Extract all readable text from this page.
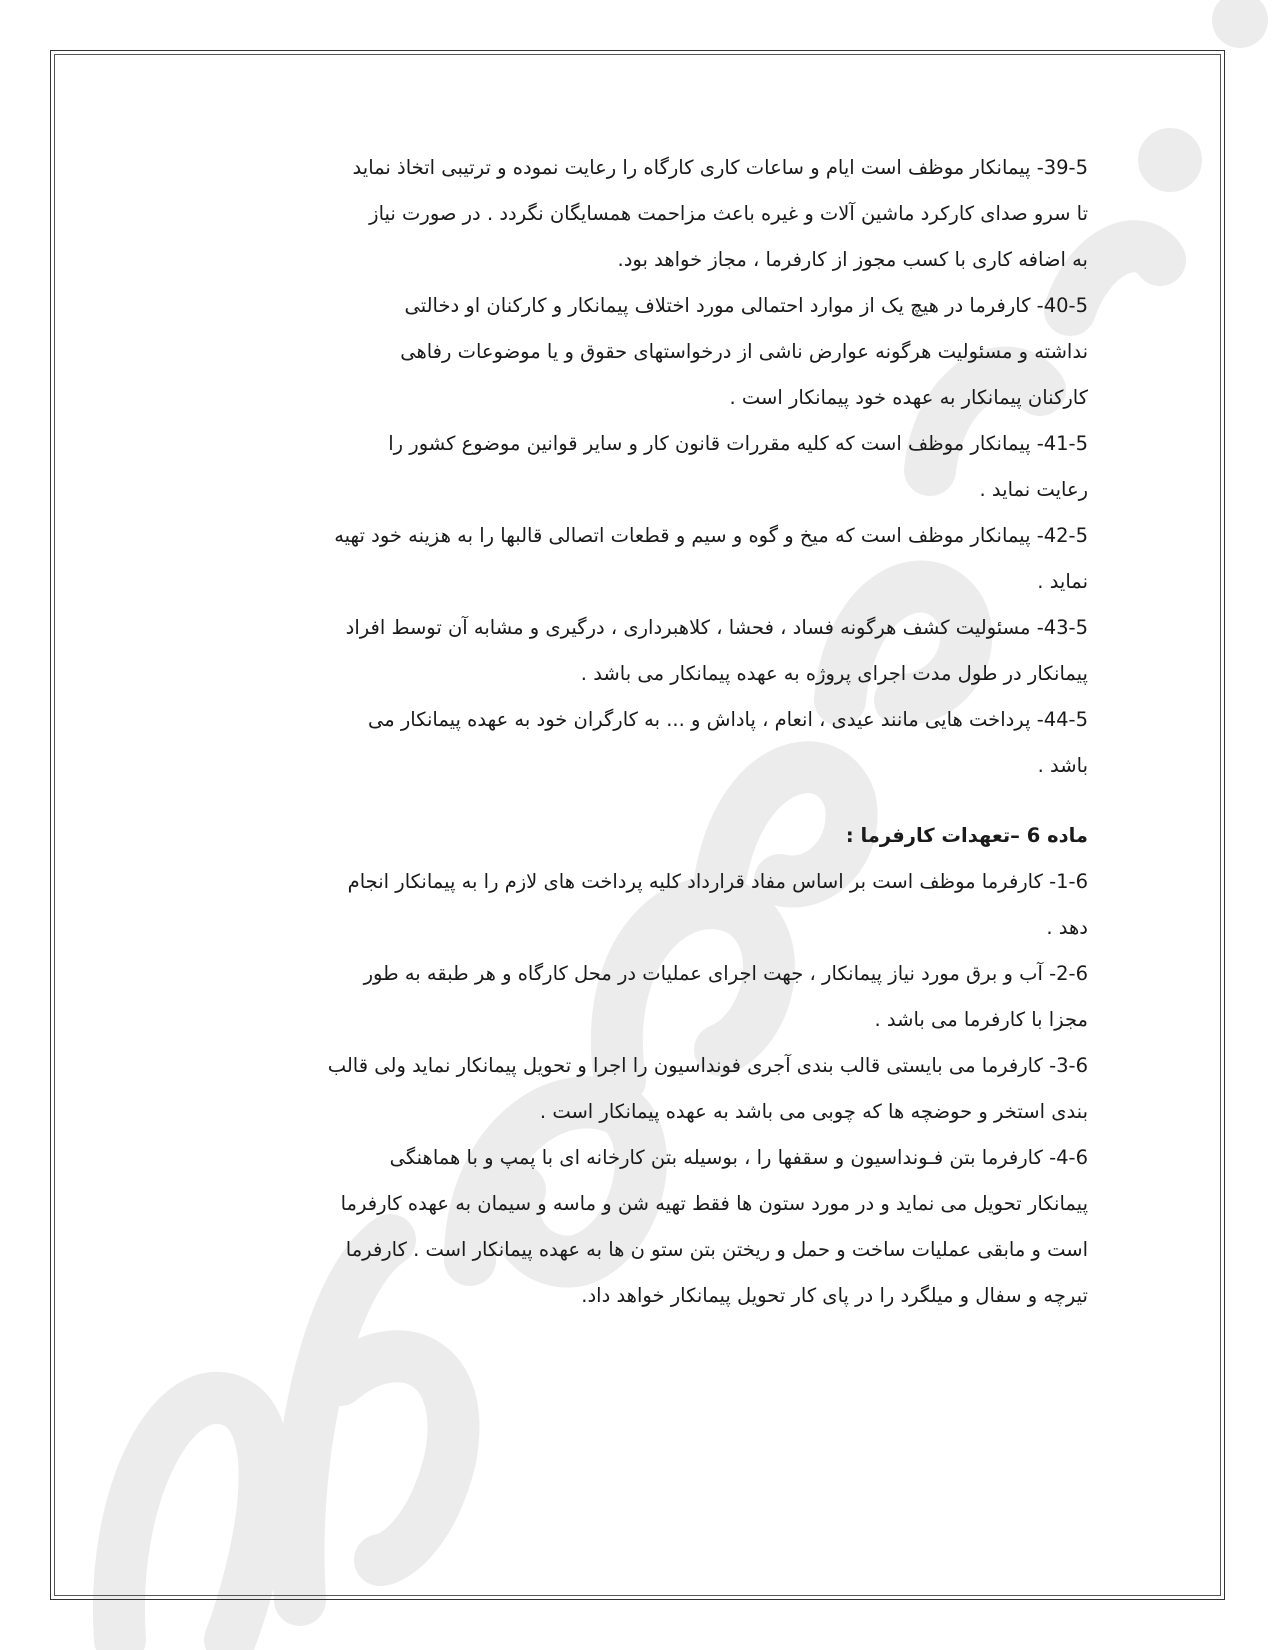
39-5- پیمانکار موظف است ایام و ساعات کاری کارگاه را رعایت نموده و ترتیبی اتخاذ نماید
تا سرو صدای کارکرد ماشین آلات و غیره باعث مزاحمت همسایگان نگردد . در صورت نیاز
به اضافه کاری با کسب مجوز از کارفرما ، مجاز خواهد بود.
40-5- کارفرما در هیچ یک از موارد احتمالی مورد اختلاف پیمانکار و کارکنان او دخالتی
نداشته و مسئولیت هرگونه عوارض ناشی از درخواستهای حقوق و یا موضوعات رفاهی
کارکنان پیمانکار به عهده خود پیمانکار است .
41-5- پیمانکار موظف است که کلیه مقررات قانون کار و سایر قوانین موضوع کشور را
رعایت نماید .
42-5- پیمانکار موظف است که میخ و گوه و سیم و قطعات اتصالی قالبها را به هزینه خود تهیه
نماید .
43-5- مسئولیت کشف هرگونه فساد ، فحشا ، کلاهبرداری ، درگیری و مشابه آن توسط افراد
پیمانکار در طول مدت اجرای پروژه به عهده پیمانکار می باشد .
44-5- پرداخت هایی مانند عیدی ، انعام ، پاداش و ... به کارگران خود به عهده پیمانکار می
باشد .
ماده 6 –تعهدات کارفرما :
1-6- کارفرما موظف است بر اساس مفاد قرارداد کلیه پرداخت های لازم را به پیمانکار انجام
دهد .
2-6- آب و برق مورد نیاز پیمانکار ، جهت اجرای عملیات در محل کارگاه و هر طبقه به طور
مجزا با کارفرما می باشد .
3-6- کارفرما می بایستی قالب بندی آجری فونداسیون را اجرا و تحویل پیمانکار نماید ولی قالب
بندی استخر و حوضچه ها که چوبی می باشد به عهده پیمانکار است .
4-6- کارفرما بتن فـونداسیون و سقفها را ، بوسیله بتن کارخانه ای با پمپ و با هماهنگی
پیمانکار تحویل می نماید و در مورد ستون ها فقط تهیه شن و ماسه و سیمان به عهده کارفرما
است و مابقی عملیات ساخت و حمل و ریختن بتن ستو ن ها به عهده پیمانکار است . کارفرما
تیرچه و سفال و میلگرد را در پای کار تحویل پیمانکار خواهد داد.
